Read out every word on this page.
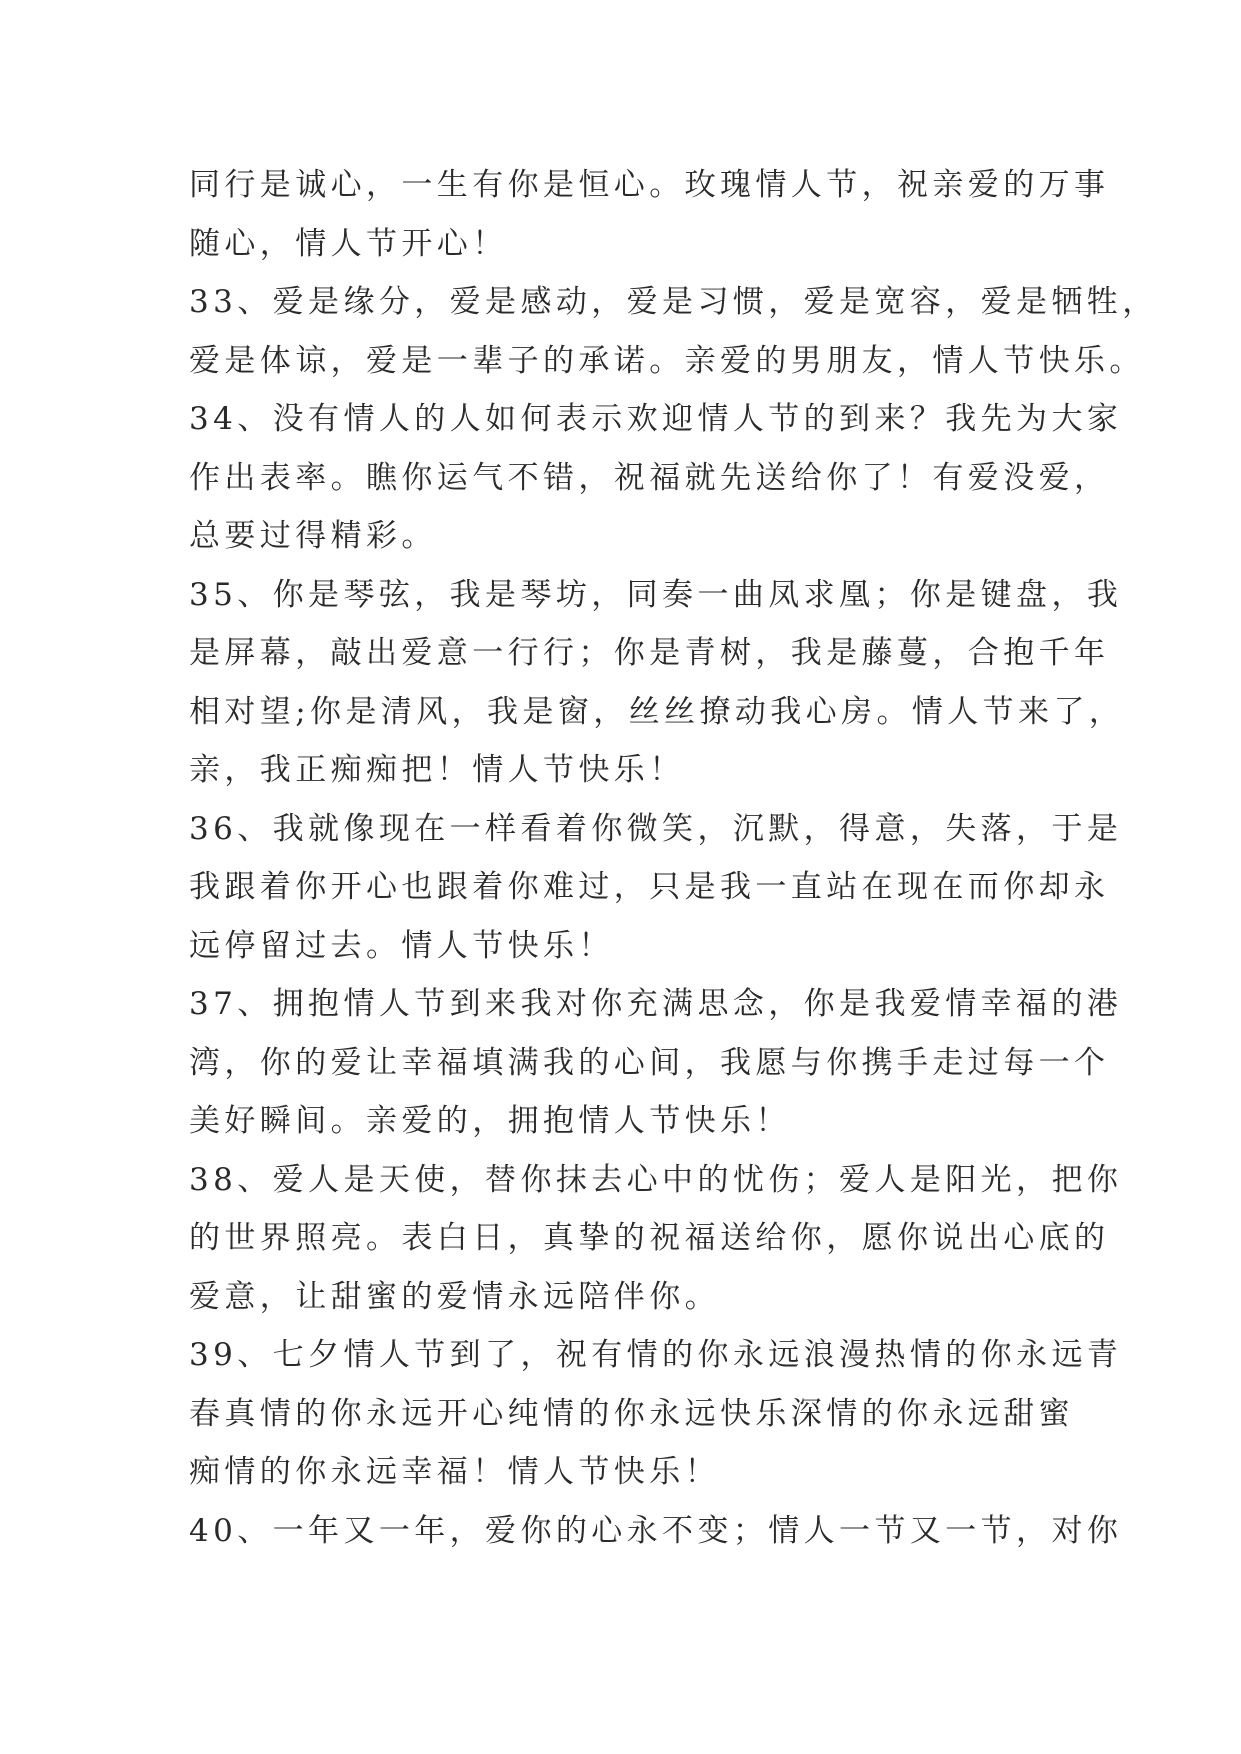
同行是诚心，一生有你是恒心。玫瑰情人节，祝亲爱的万事
随心，情人节开心！
33、爱是缘分，爱是感动，爱是习惯，爱是宽容，爱是牺牲，
爱是体谅，爱是一辈子的承诺。亲爱的男朋友，情人节快乐。
34、没有情人的人如何表示欢迎情人节的到来？我先为大家
作出表率。瞧你运气不错，祝福就先送给你了！有爱没爱，
总要过得精彩。
35、你是琴弦，我是琴坊，同奏一曲凤求凰；你是键盘，我
是屏幕，敲出爱意一行行；你是青树，我是藤蔓，合抱千年
相对望;你是清风，我是窗，丝丝撩动我心房。情人节来了，
亲，我正痴痴把！情人节快乐！
36、我就像现在一样看着你微笑，沉默，得意，失落，于是
我跟着你开心也跟着你难过，只是我一直站在现在而你却永
远停留过去。情人节快乐！
37、拥抱情人节到来我对你充满思念，你是我爱情幸福的港
湾，你的爱让幸福填满我的心间，我愿与你携手走过每一个
美好瞬间。亲爱的，拥抱情人节快乐！
38、爱人是天使，替你抹去心中的忧伤；爱人是阳光，把你
的世界照亮。表白日，真挚的祝福送给你，愿你说出心底的
爱意，让甜蜜的爱情永远陪伴你。
39、七夕情人节到了，祝有情的你永远浪漫热情的你永远青
春真情的你永远开心纯情的你永远快乐深情的你永远甜蜜
痴情的你永远幸福！情人节快乐！
40、一年又一年，爱你的心永不变；情人一节又一节，对你
